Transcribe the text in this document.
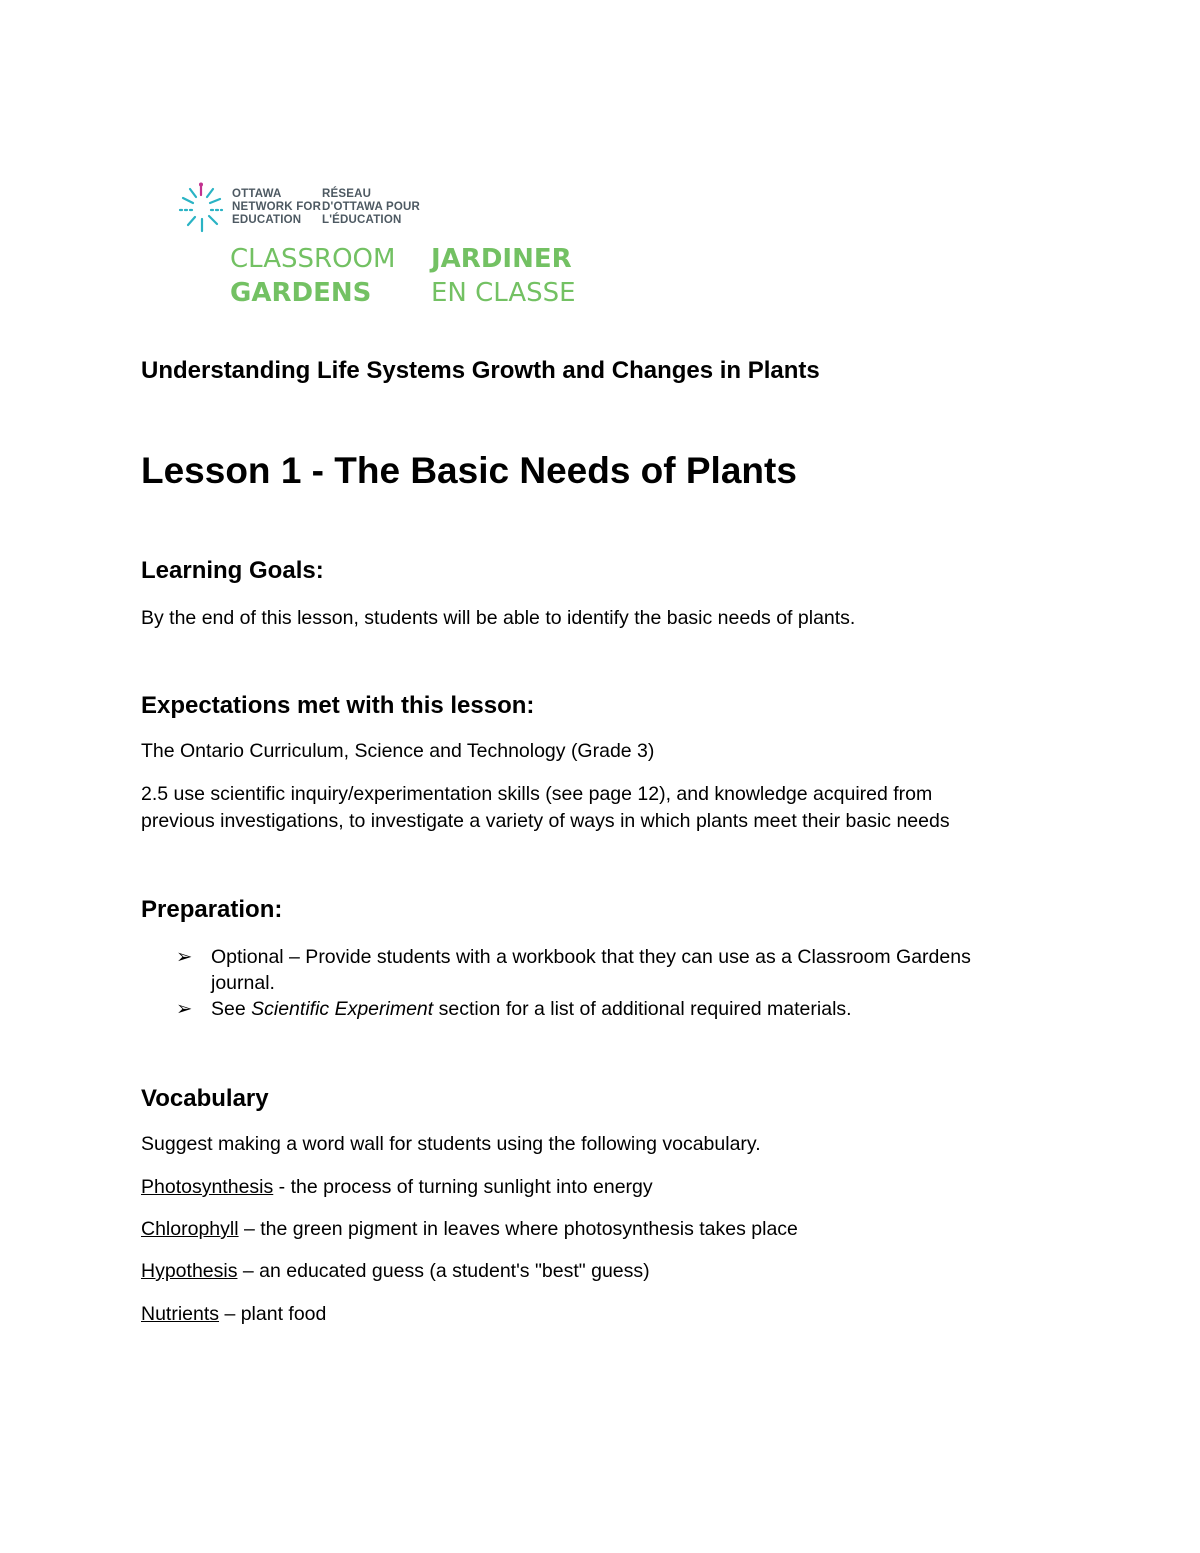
OTTAWA
NETWORK FOR
EDUCATION
RÉSEAU
D'OTTAWA POUR
L'ÉDUCATION
CLASSROOM
GARDENS
JARDINER
EN CLASSE

Understanding Life Systems Growth and Changes in Plants

Lesson 1 - The Basic Needs of Plants
Learning Goals:

By the end of this lesson, students will be able to identify the basic needs of plants.

Expectations met with this lesson:

The Ontario Curriculum, Science and Technology (Grade 3)

2.5 use scientific inquiry/experimentation skills (see page 12), and knowledge acquired from

previous investigations, to investigate a variety of ways in which plants meet their basic needs

Preparation:
➢ Optional – Provide students with a workbook that they can use as a Classroom Gardens
journal.
➢ See Scientific Experiment section for a list of additional required materials.
Vocabulary

Suggest making a word wall for students using the following vocabulary.

Photosynthesis - the process of turning sunlight into energy

Chlorophyll – the green pigment in leaves where photosynthesis takes place

Hypothesis – an educated guess (a student's "best" guess)

Nutrients – plant food
